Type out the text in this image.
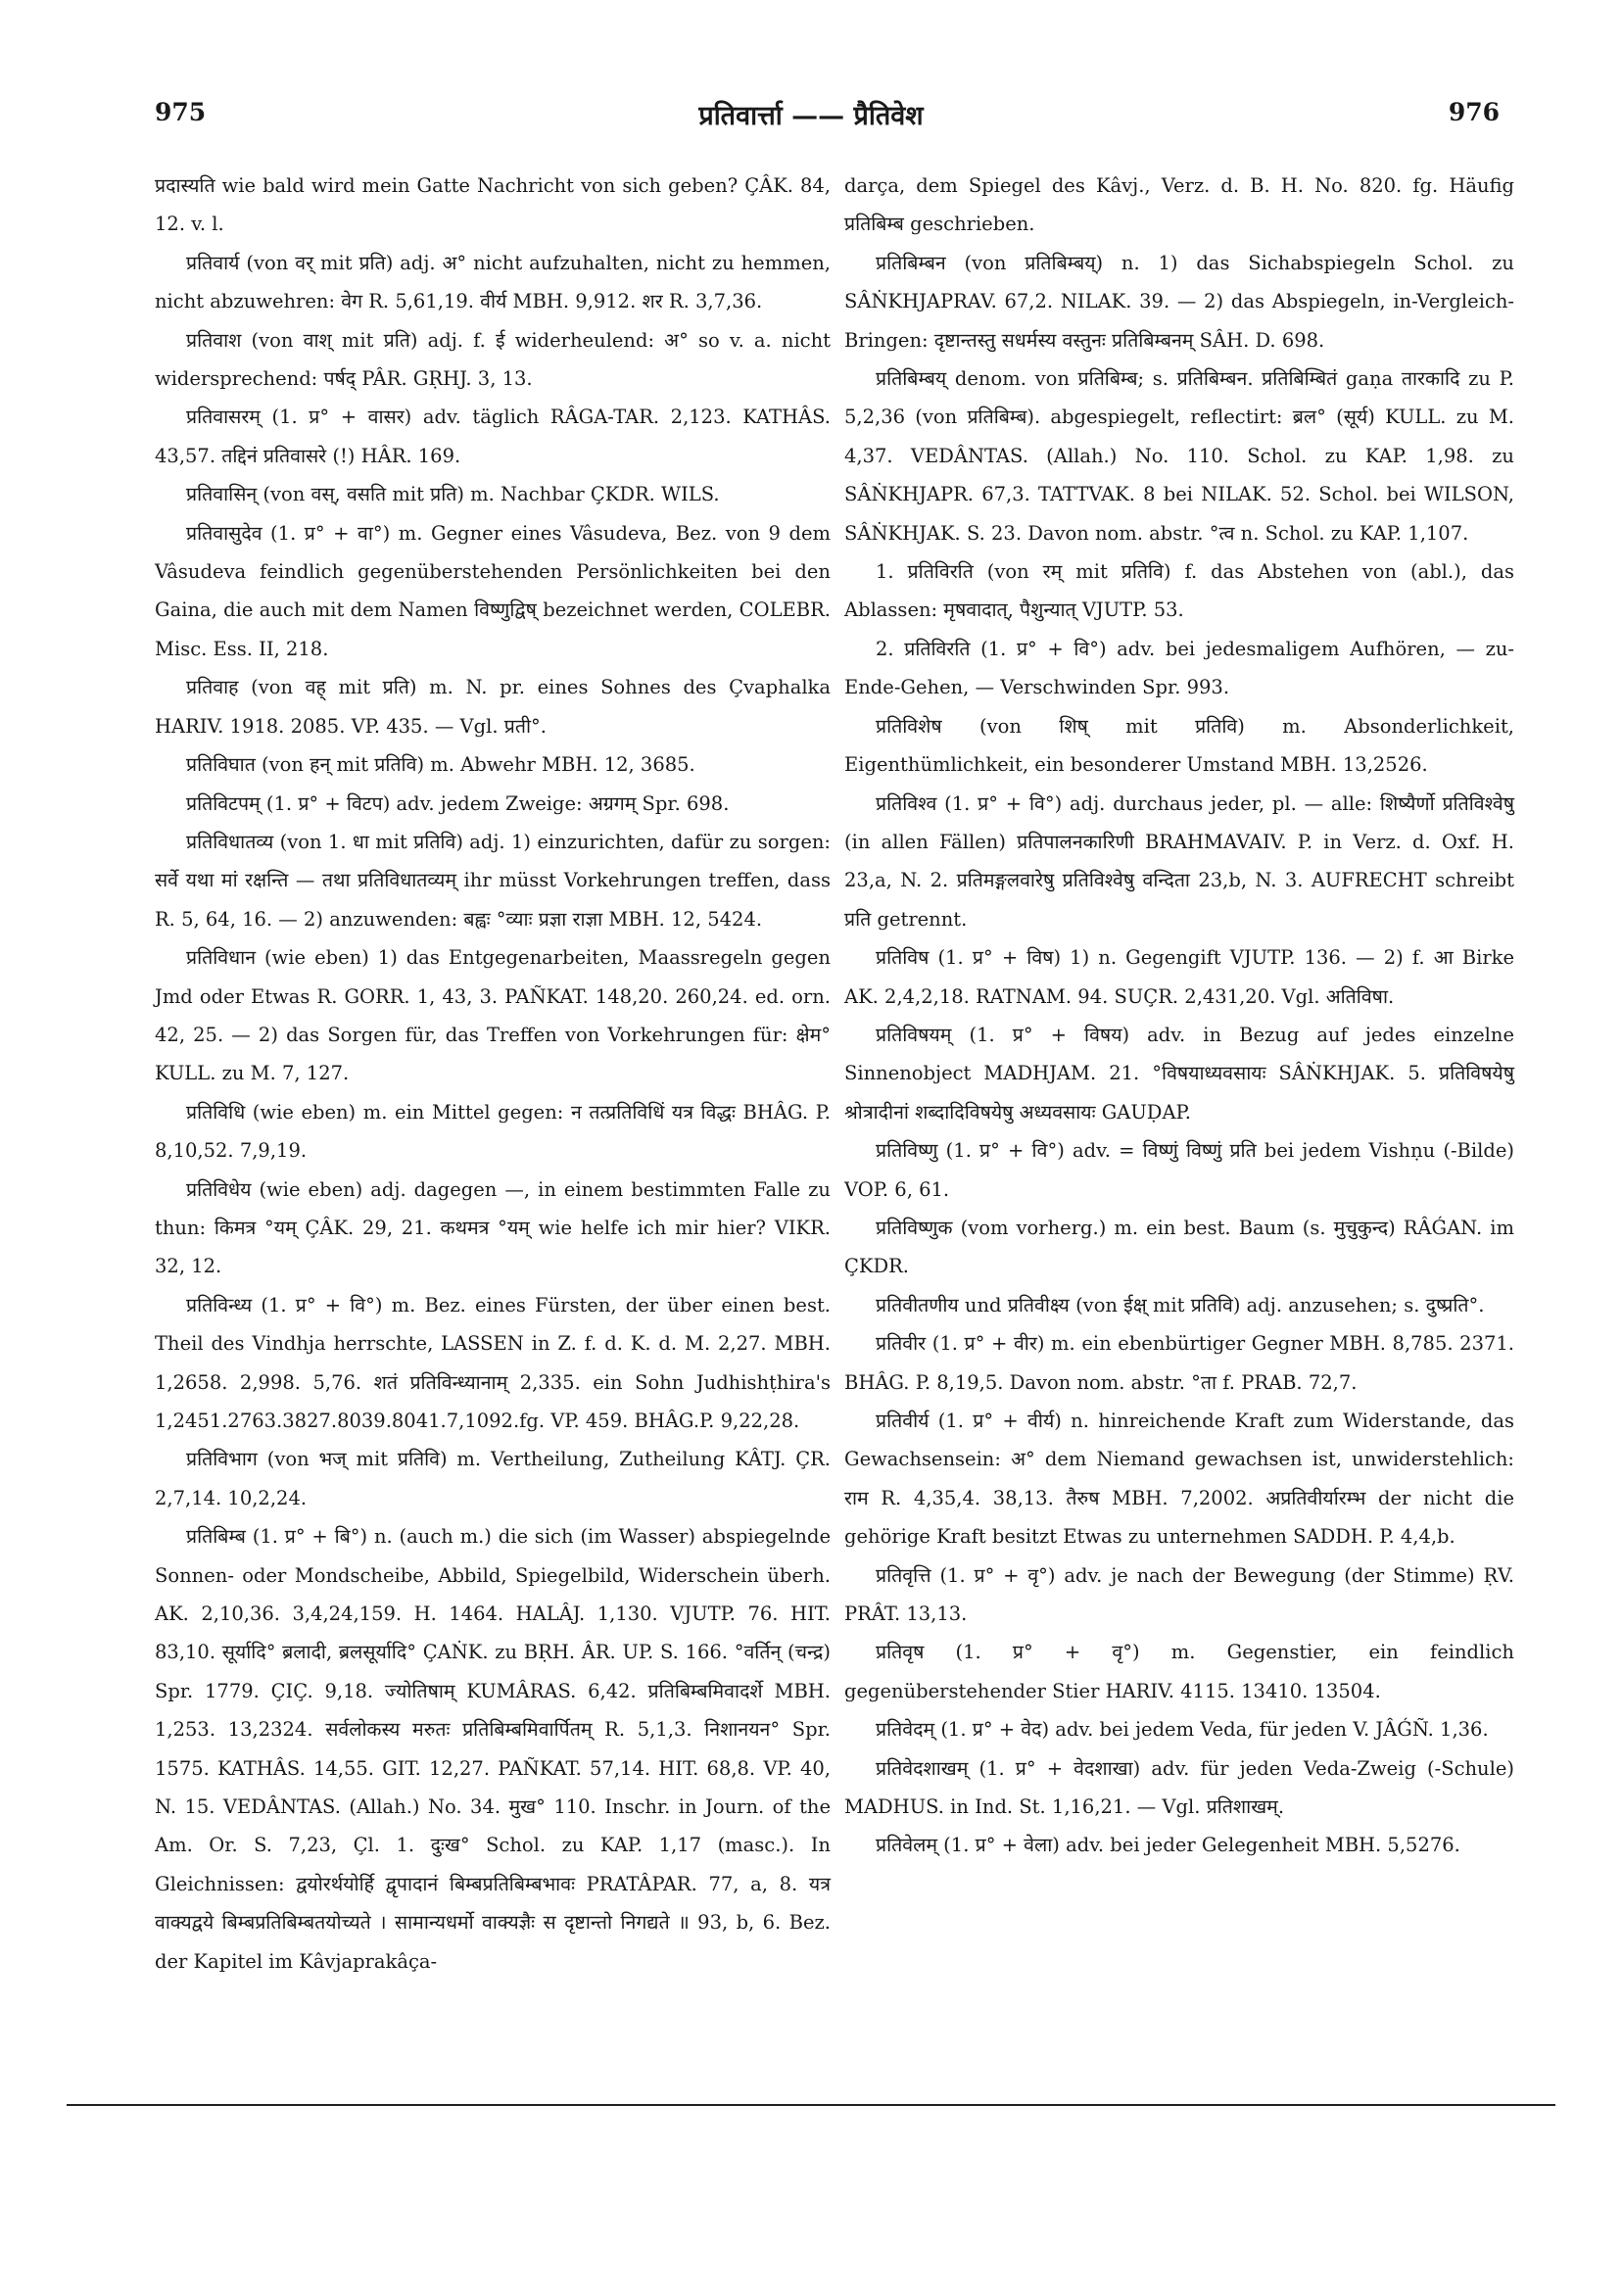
975	प्रतिवार्त्ता —— प्रैतिवेश	976

प्रदास्यति wie bald wird mein Gatte Nachricht von sich geben? ÇÂK. 84, 12. v. l.

प्रतिवार्य (von वर् mit प्रति) adj. अ° nicht aufzuhalten, nicht zu hemmen, nicht abzuwehren: वेग R. 5,61,19. वीर्य MBH. 9,912. शर R. 3,7,36.

प्रतिवाश (von वाश् mit प्रति) adj. f. ई widerheulend: अ° so v. a. nicht widersprechend: पर्षद् PÂR. GṚHJ. 3, 13.

प्रतिवासरम् (1. प्र° + वासर) adv. täglich RÂGA-TAR. 2,123. KATHÂS. 43,57. तद्दिनं प्रतिवासरे (!) HÂR. 169.

प्रतिवासिन् (von वस्, वसति mit प्रति) m. Nachbar ÇKDR. WILS.

प्रतिवासुदेव (1. प्र° + वा°) m. Gegner eines Vâsudeva, Bez. von 9 dem Vâsudeva feindlich gegenüberstehenden Persönlichkeiten bei den Gaina, die auch mit dem Namen विष्णुद्विष् bezeichnet werden, COLEBR. Misc. Ess. II, 218.

प्रतिवाह (von वह् mit प्रति) m. N. pr. eines Sohnes des Çvaphalka HARIV. 1918. 2085. VP. 435. — Vgl. प्रती°.

प्रतिविघात (von हन् mit प्रतिवि) m. Abwehr MBH. 12, 3685.

प्रतिविटपम् (1. प्र° + विटप) adv. jedem Zweige: अग्रगम् Spr. 698.

प्रतिविधातव्य (von 1. धा mit प्रतिवि) adj. 1) einzurichten, dafür zu sorgen: सर्वे यथा मां रक्षन्ति — तथा प्रतिविधातव्यम् ihr müsst Vorkehrungen treffen, dass R. 5, 64, 16. — 2) anzuwenden: बह्वः °व्याः प्रज्ञा राज्ञा MBH. 12, 5424.

प्रतिविधान (wie eben) 1) das Entgegenarbeiten, Maassregeln gegen Jmd oder Etwas R. GORR. 1, 43, 3. PAÑKAT. 148,20. 260,24. ed. orn. 42, 25. — 2) das Sorgen für, das Treffen von Vorkehrungen für: क्षेम° KULL. zu M. 7, 127.

प्रतिविधि (wie eben) m. ein Mittel gegen: न तत्प्रतिविधिं यत्र विद्धः BHÂG. P. 8,10,52. 7,9,19.

प्रतिविधेय (wie eben) adj. dagegen —, in einem bestimmten Falle zu thun: किमत्र °यम् ÇÂK. 29, 21. कथमत्र °यम् wie helfe ich mir hier? VIKR. 32, 12.

प्रतिविन्ध्य (1. प्र° + वि°) m. Bez. eines Fürsten, der über einen best. Theil des Vindhja herrschte, LASSEN in Z. f. d. K. d. M. 2,27. MBH. 1,2658. 2,998. 5,76. शतं प्रतिविन्ध्यानाम् 2,335. ein Sohn Judhishṭhira's 1,2451.2763.3827.8039.8041.7,1092.fg. VP. 459. BHÂG.P. 9,22,28.

प्रतिविभाग (von भज् mit प्रतिवि) m. Vertheilung, Zutheilung KÂTJ. ÇR. 2,7,14. 10,2,24.

प्रतिबिम्ब (1. प्र° + बि°) n. (auch m.) die sich (im Wasser) abspiegelnde Sonnen- oder Mondscheibe, Abbild, Spiegelbild, Widerschein überh. AK. 2,10,36. 3,4,24,159. H. 1464. HALÂJ. 1,130. VJUTP. 76. HIT. 83,10. सूर्यादि° ब्रलादी, ब्रलसूर्यादि° ÇAṄK. zu BṚH. ÂR. UP. S. 166. °वर्तिन् (चन्द्र) Spr. 1779. ÇIÇ. 9,18. ज्योतिषाम् KUMÂRAS. 6,42. प्रतिबिम्बमिवादर्शे MBH. 1,253. 13,2324. सर्वलोकस्य मरुतः प्रतिबिम्बमिवार्पितम् R. 5,1,3. निशानयन° Spr. 1575. KATHÂS. 14,55. GIT. 12,27. PAÑKAT. 57,14. HIT. 68,8. VP. 40, N. 15. VEDÂNTAS. (Allah.) No. 34. मुख° 110. Inschr. in Journ. of the Am. Or. S. 7,23, Çl. 1. दुःख° Schol. zu KAP. 1,17 (masc.). In Gleichnissen: द्वयोरर्थयोर्हि द्वृपादानं बिम्बप्रतिबिम्बभावः PRATÂPAR. 77, a, 8. यत्र वाक्यद्वये बिम्बप्रतिबिम्बतयोच्यते । सामान्यधर्मो वाक्यज्ञैः स दृष्टान्तो निगद्यते ॥ 93, b, 6. Bez. der Kapitel im Kâvjaprakâça-

darça, dem Spiegel des Kâvj., Verz. d. B. H. No. 820. fg. Häufig प्रतिबिम्ब geschrieben.

प्रतिबिम्बन (von प्रतिबिम्बय्) n. 1) das Sichabspiegeln Schol. zu SÂṄKHJAPRAV. 67,2. NILAK. 39. — 2) das Abspiegeln, in-Vergleich-Bringen: दृष्टान्तस्तु सधर्मस्य वस्तुनः प्रतिबिम्बनम् SÂH. D. 698.

प्रतिबिम्बय् denom. von प्रतिबिम्ब; s. प्रतिबिम्बन. प्रतिबिम्बितं gaṇa तारकादि zu P. 5,2,36 (von प्रतिबिम्ब). abgespiegelt, reflectirt: ब्रल° (सूर्य) KULL. zu M. 4,37. VEDÂNTAS. (Allah.) No. 110. Schol. zu KAP. 1,98. zu SÂṄKHJAPR. 67,3. TATTVAK. 8 bei NILAK. 52. Schol. bei WILSON, SÂṄKHJAK. S. 23. Davon nom. abstr. °त्व n. Schol. zu KAP. 1,107.

1. प्रतिविरति (von रम् mit प्रतिवि) f. das Abstehen von (abl.), das Ablassen: मृषवादात्, पैशुन्यात् VJUTP. 53.

2. प्रतिविरति (1. प्र° + वि°) adv. bei jedesmaligem Aufhören, — zu-Ende-Gehen, — Verschwinden Spr. 993.

प्रतिविशेष (von शिष् mit प्रतिवि) m. Absonderlichkeit, Eigenthümlichkeit, ein besonderer Umstand MBH. 13,2526.

प्रतिविश्व (1. प्र° + वि°) adj. durchaus jeder, pl. — alle: शिष्यैर्णो प्रतिविश्वेषु (in allen Fällen) प्रतिपालनकारिणी BRAHMAVAIV. P. in Verz. d. Oxf. H. 23,a, N. 2. प्रतिमङ्गलवारेषु प्रतिविश्वेषु वन्दिता 23,b, N. 3. AUFRECHT schreibt प्रति getrennt.

प्रतिविष (1. प्र° + विष) 1) n. Gegengift VJUTP. 136. — 2) f. आ Birke AK. 2,4,2,18. RATNAM. 94. SUÇR. 2,431,20. Vgl. अतिविषा.

प्रतिविषयम् (1. प्र° + विषय) adv. in Bezug auf jedes einzelne Sinnenobject MADHJAM. 21. °विषयाध्यवसायः SÂṄKHJAK. 5. प्रतिविषयेषु श्रोत्रादीनां शब्दादिविषयेषु अध्यवसायः GAUḌAP.

प्रतिविष्णु (1. प्र° + वि°) adv. = विष्णुं विष्णुं प्रति bei jedem Vishṇu (-Bilde) VOP. 6, 61.

प्रतिविष्णुक (vom vorherg.) m. ein best. Baum (s. मुचुकुन्द) RÂǴAN. im ÇKDR.

प्रतिवीतणीय und प्रतिवीक्ष्य (von ईक्ष् mit प्रतिवि) adj. anzusehen; s. दुष्प्रति°.

प्रतिवीर (1. प्र° + वीर) m. ein ebenbürtiger Gegner MBH. 8,785. 2371. BHÂG. P. 8,19,5. Davon nom. abstr. °ता f. PRAB. 72,7.

प्रतिवीर्य (1. प्र° + वीर्य) n. hinreichende Kraft zum Widerstande, das Gewachsensein: अ° dem Niemand gewachsen ist, unwiderstehlich: राम R. 4,35,4. 38,13. तैरुष MBH. 7,2002. अप्रतिवीर्यारम्भ der nicht die gehörige Kraft besitzt Etwas zu unternehmen SADDH. P. 4,4,b.

प्रतिवृत्ति (1. प्र° + वृ°) adv. je nach der Bewegung (der Stimme) ṚV. PRÂT. 13,13.

प्रतिवृष (1. प्र° + वृ°) m. Gegenstier, ein feindlich gegenüberstehender Stier HARIV. 4115. 13410. 13504.

प्रतिवेदम् (1. प्र° + वेद) adv. bei jedem Veda, für jeden V. JÂǴÑ. 1,36.

प्रतिवेदशाखम् (1. प्र° + वेदशाखा) adv. für jeden Veda-Zweig (-Schule) MADHUS. in Ind. St. 1,16,21. — Vgl. प्रतिशाखम्.

प्रतिवेलम् (1. प्र° + वेला) adv. bei jeder Gelegenheit MBH. 5,5276.
